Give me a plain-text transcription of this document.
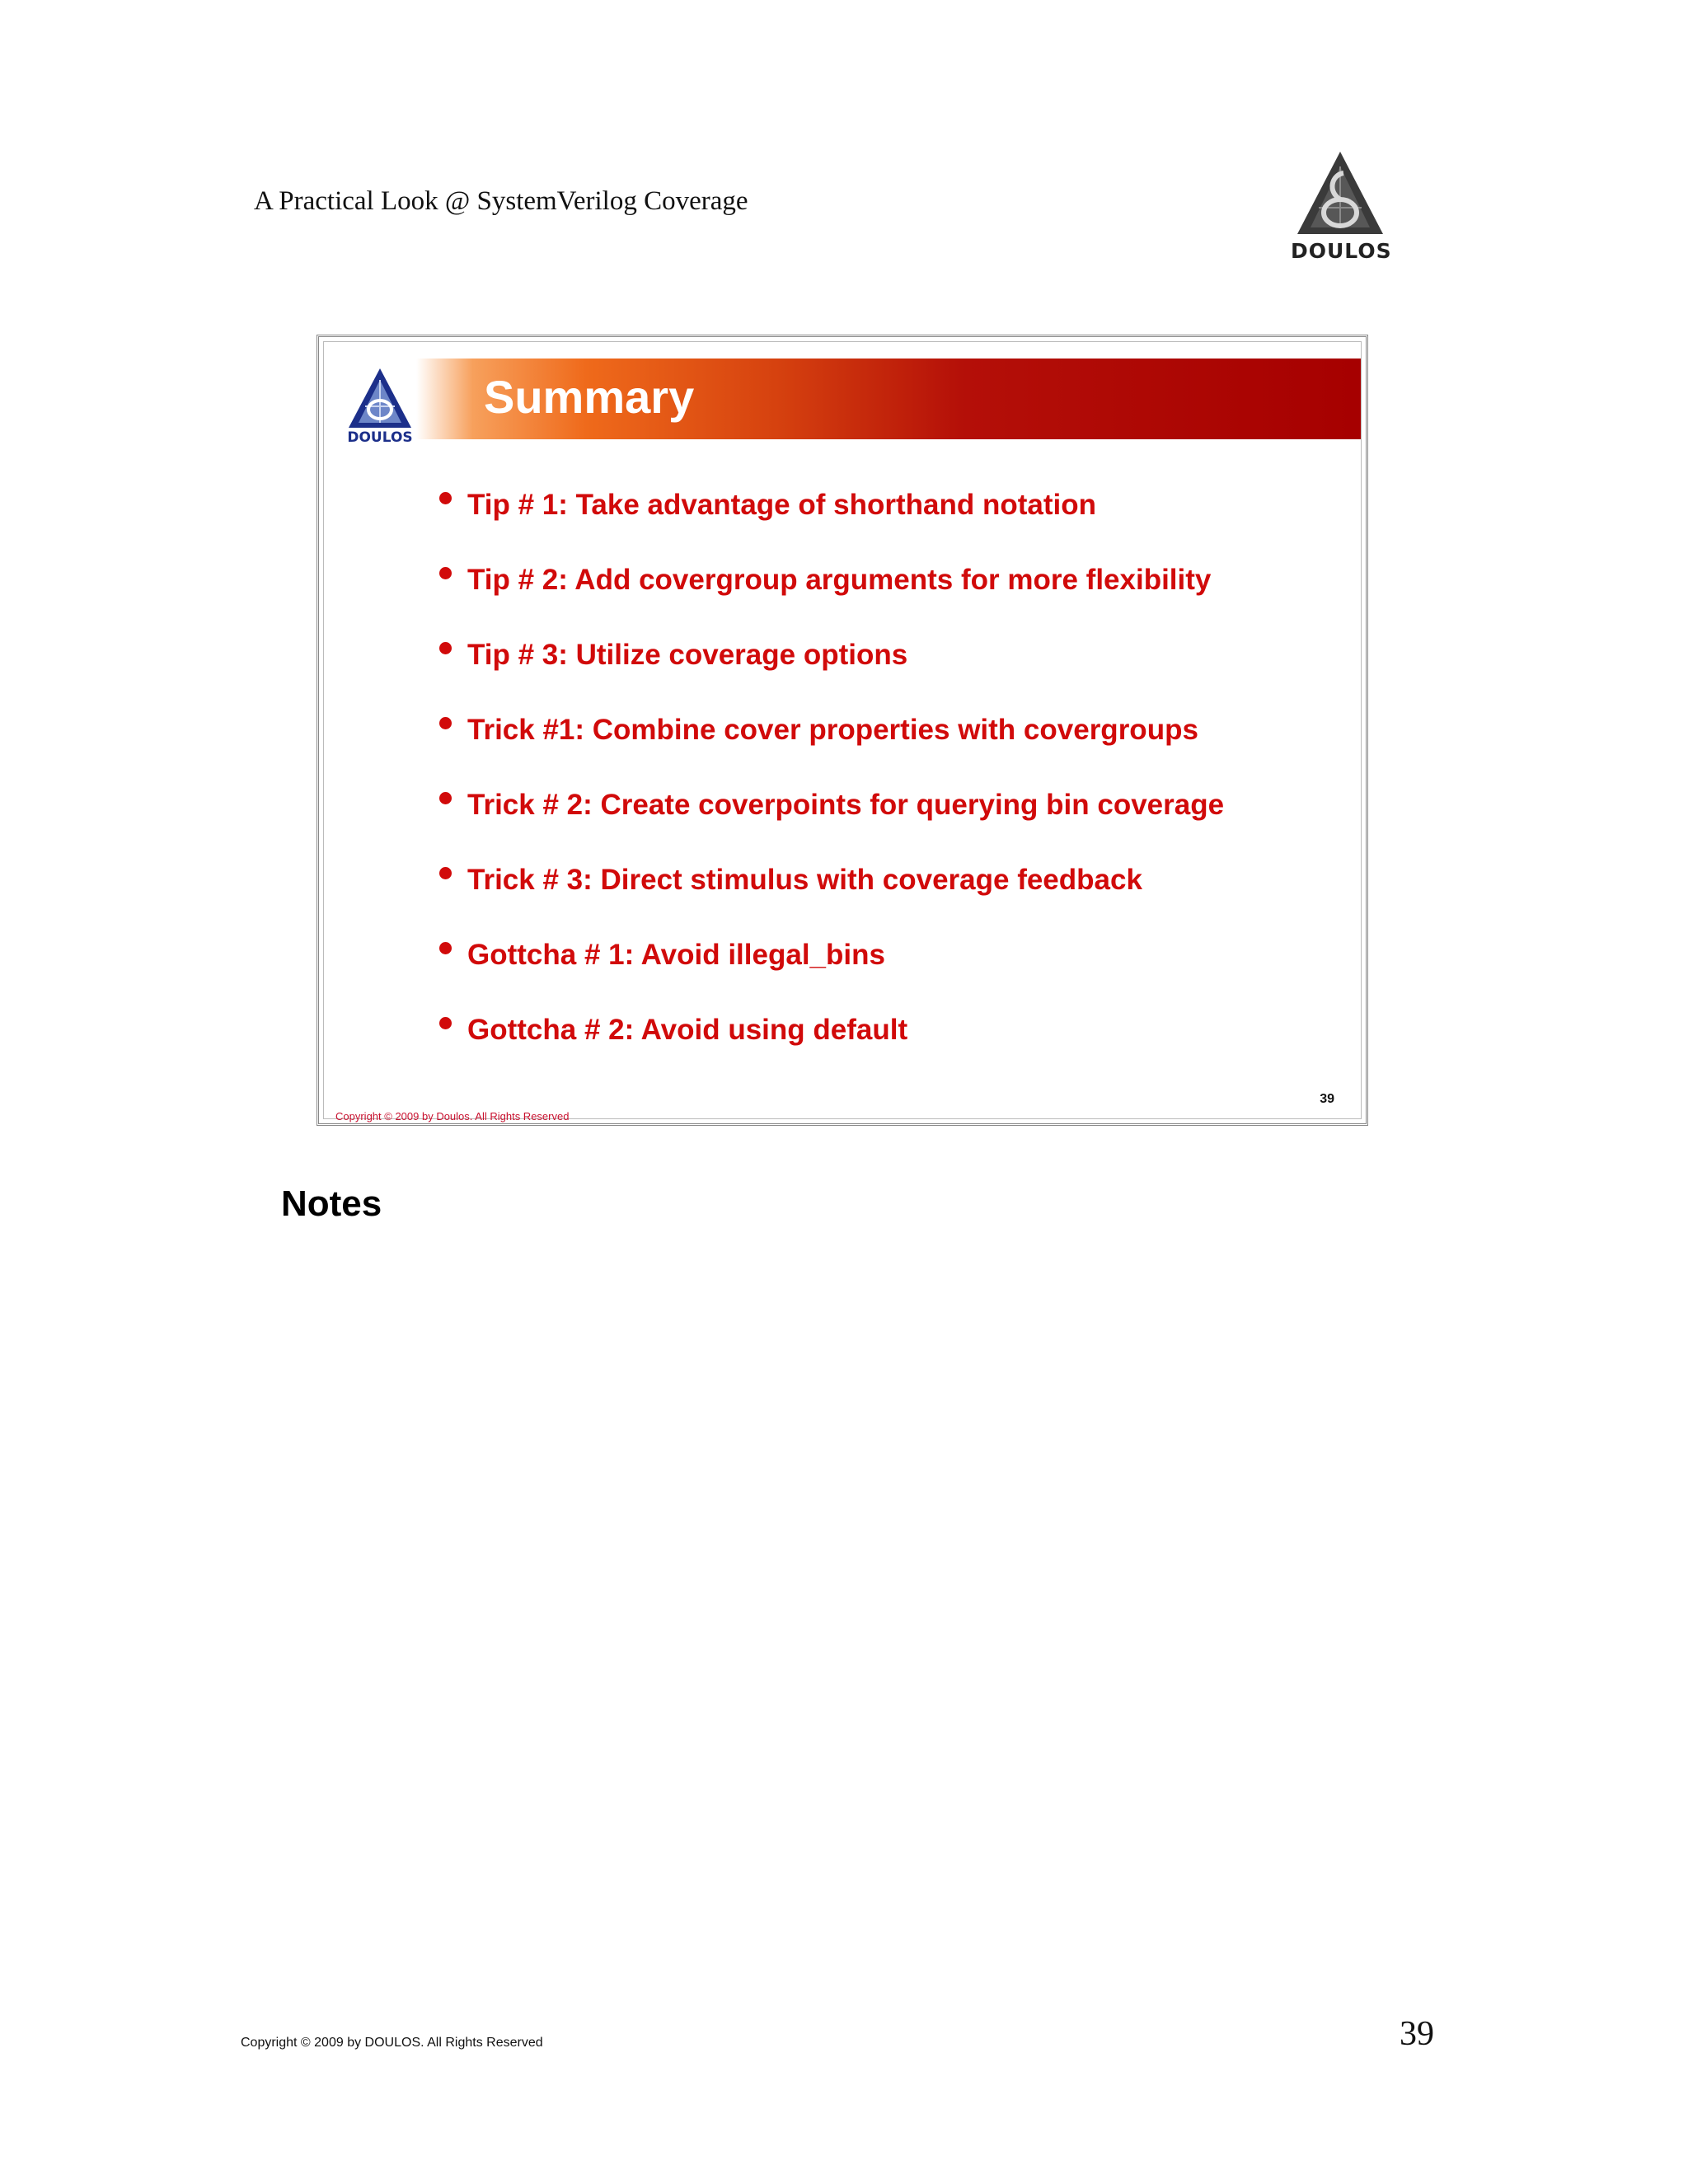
A Practical Look @ SystemVerilog Coverage
DOULOS
DOULOS
Summary
Tip # 1: Take advantage of shorthand notation
Tip # 2: Add covergroup arguments for more flexibility
Tip # 3: Utilize coverage options
Trick #1: Combine cover properties with covergroups
Trick # 2: Create coverpoints for querying bin coverage
Trick # 3: Direct stimulus with coverage feedback
Gottcha # 1: Avoid illegal_bins
Gottcha # 2: Avoid using default
39
Copyright © 2009 by Doulos. All Rights Reserved
Notes
Copyright © 2009 by DOULOS. All Rights Reserved	39
